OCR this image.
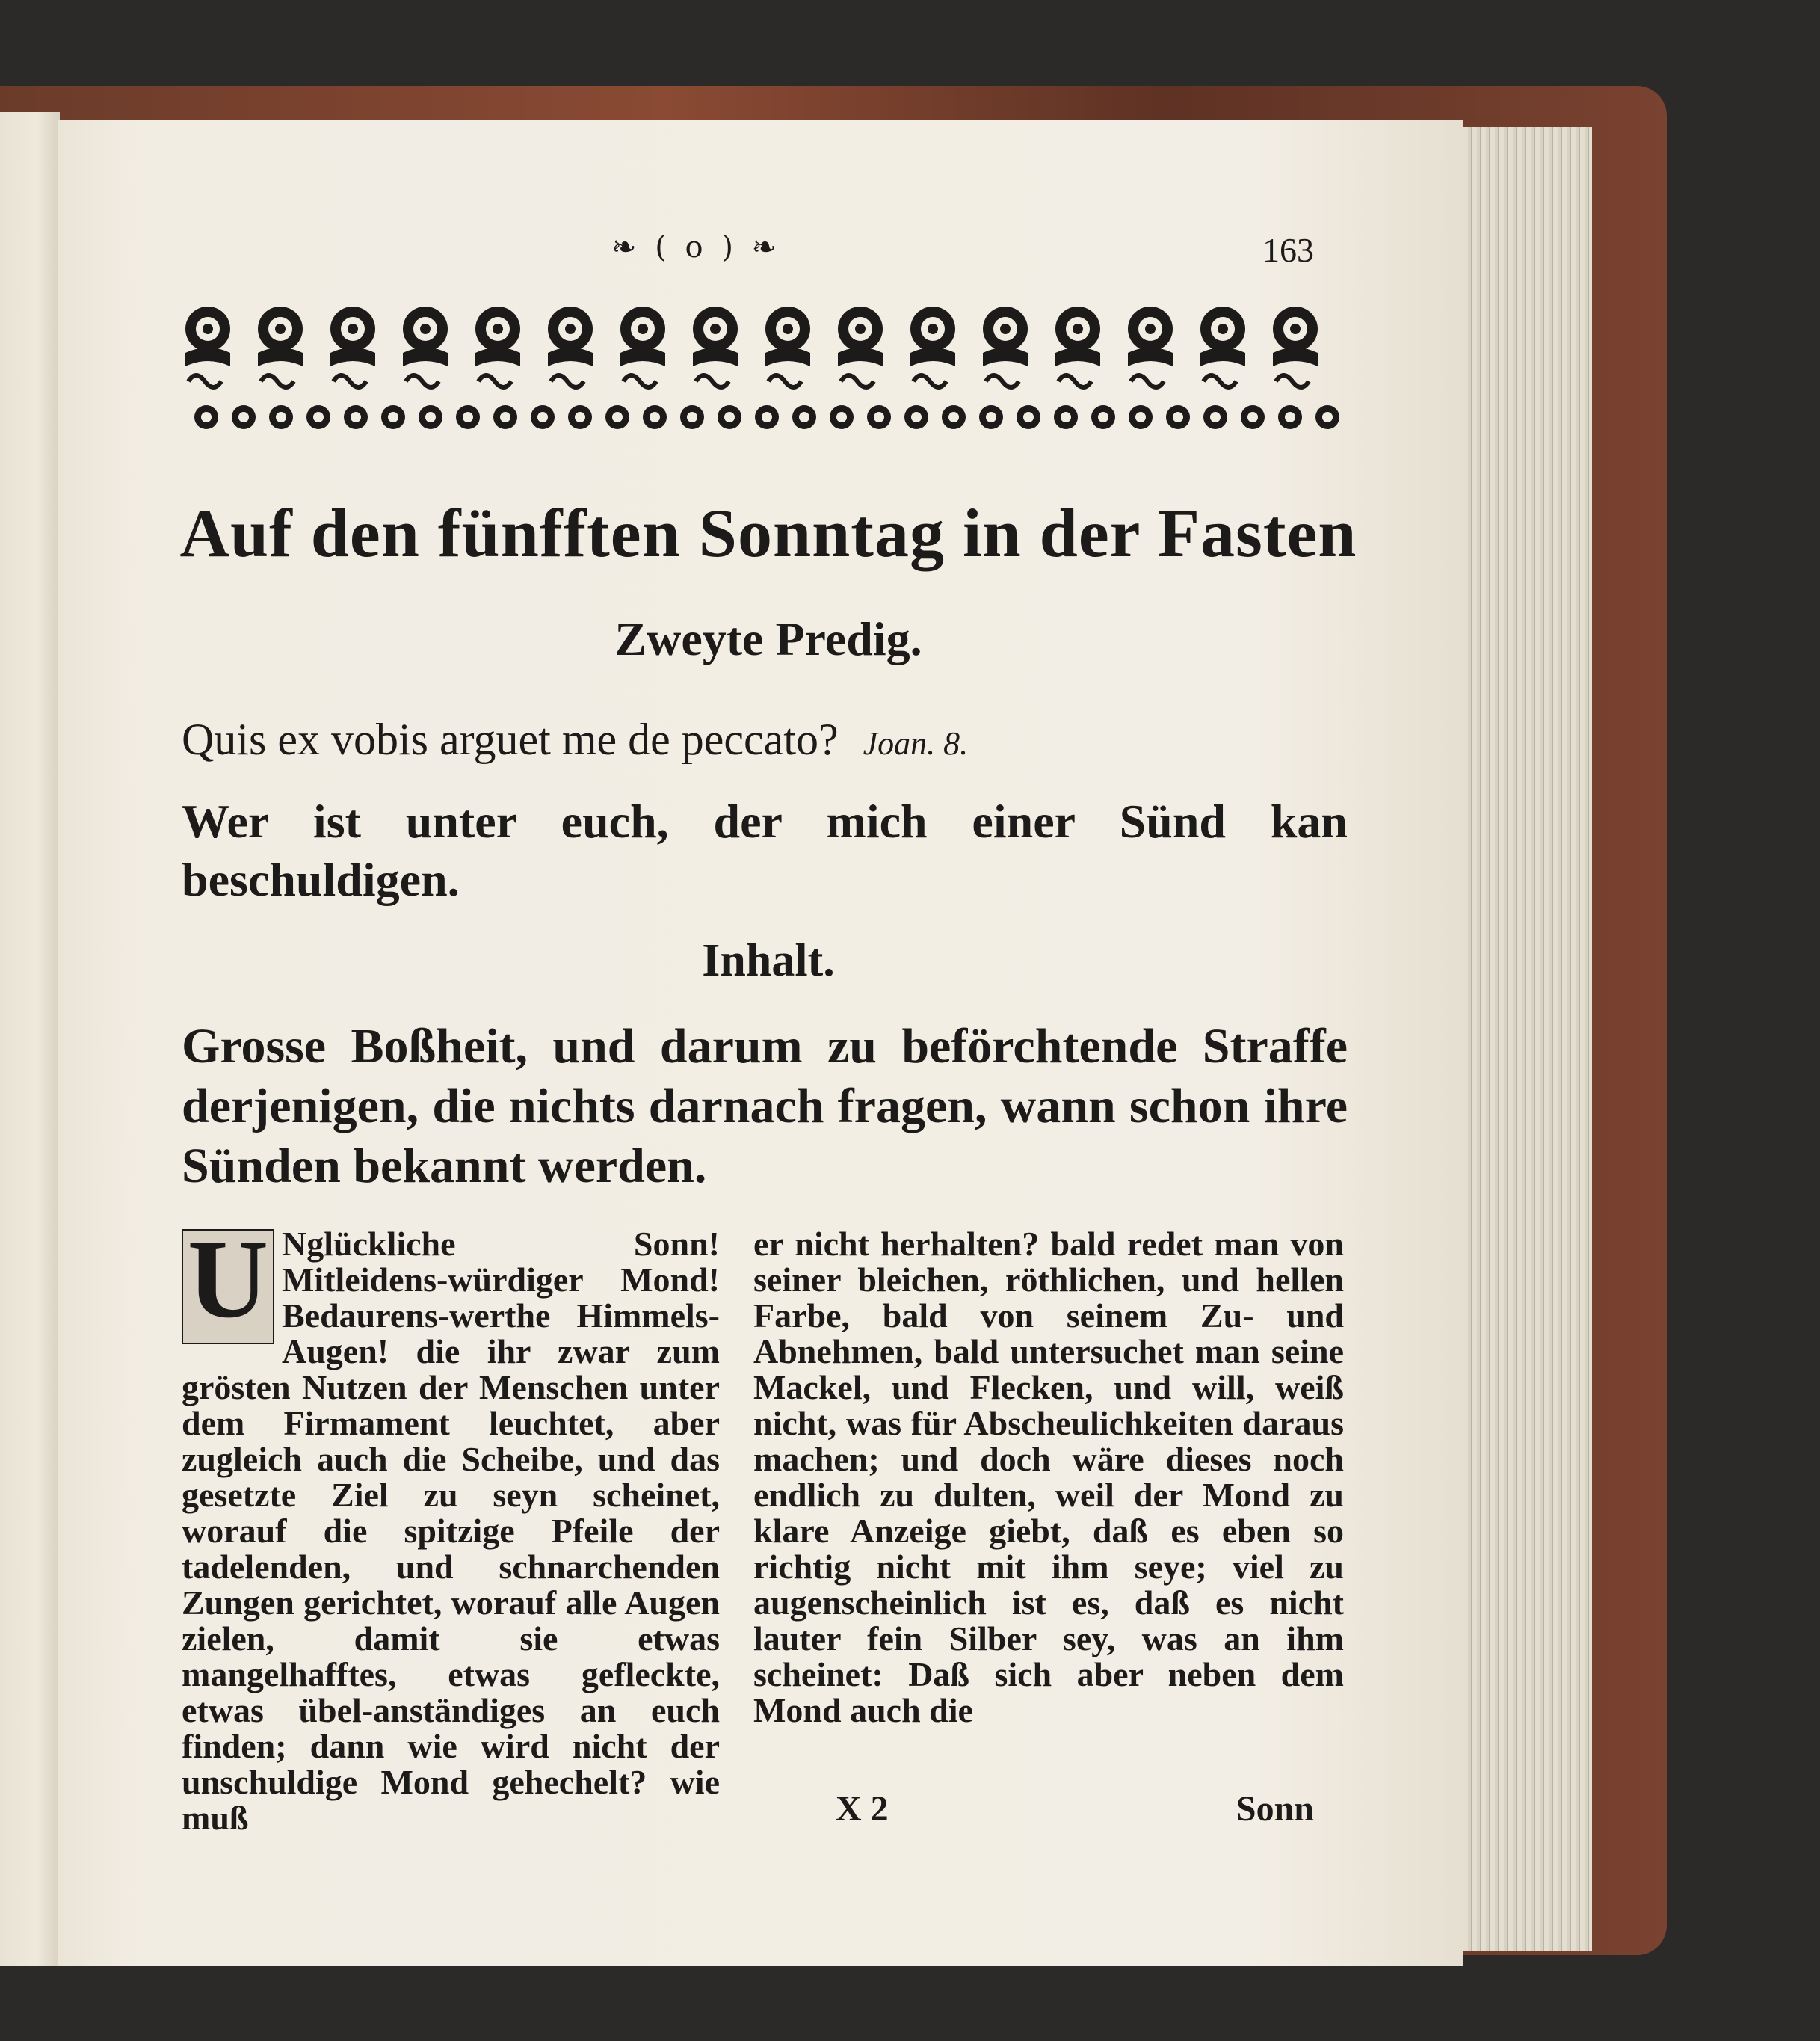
❧ ( o ) ❧	163
Auf den fünfften Sonntag in der Fasten
Zweyte Predig.
Quis ex vobis arguet me de peccato? Joan. 8.
Wer ist unter euch, der mich einer Sünd kan beschuldigen.
Inhalt.
Grosse Boßheit, und darum zu beförchtende Straffe derjenigen, die nichts darnach fragen, wann schon ihre Sünden bekannt werden.
U Nglückliche Sonn! Mitleidens-würdiger Mond! Bedaurens-werthe Himmels-Augen! die ihr zwar zum grösten Nutzen der Menschen unter dem Firmament leuchtet, aber zugleich auch die Scheibe, und das gesetzte Ziel zu seyn scheinet, worauf die spitzige Pfeile der tadelenden, und schnarchenden Zungen gerichtet, worauf alle Augen zielen, damit sie etwas mangelhafftes, etwas gefleckte, etwas übel-anständiges an euch finden; dann wie wird nicht der unschuldige Mond gehechelt? wie muß
er nicht herhalten? bald redet man von seiner bleichen, röthlichen, und hellen Farbe, bald von seinem Zu- und Abnehmen, bald untersuchet man seine Mackel, und Flecken, und will, weiß nicht, was für Abscheulichkeiten daraus machen; und doch wäre dieses noch endlich zu dulten, weil der Mond zu klare Anzeige giebt, daß es eben so richtig nicht mit ihm seye; viel zu augenscheinlich ist es, daß es nicht lauter fein Silber sey, was an ihm scheinet: Daß sich aber neben dem Mond auch die
X 2	Sonn
